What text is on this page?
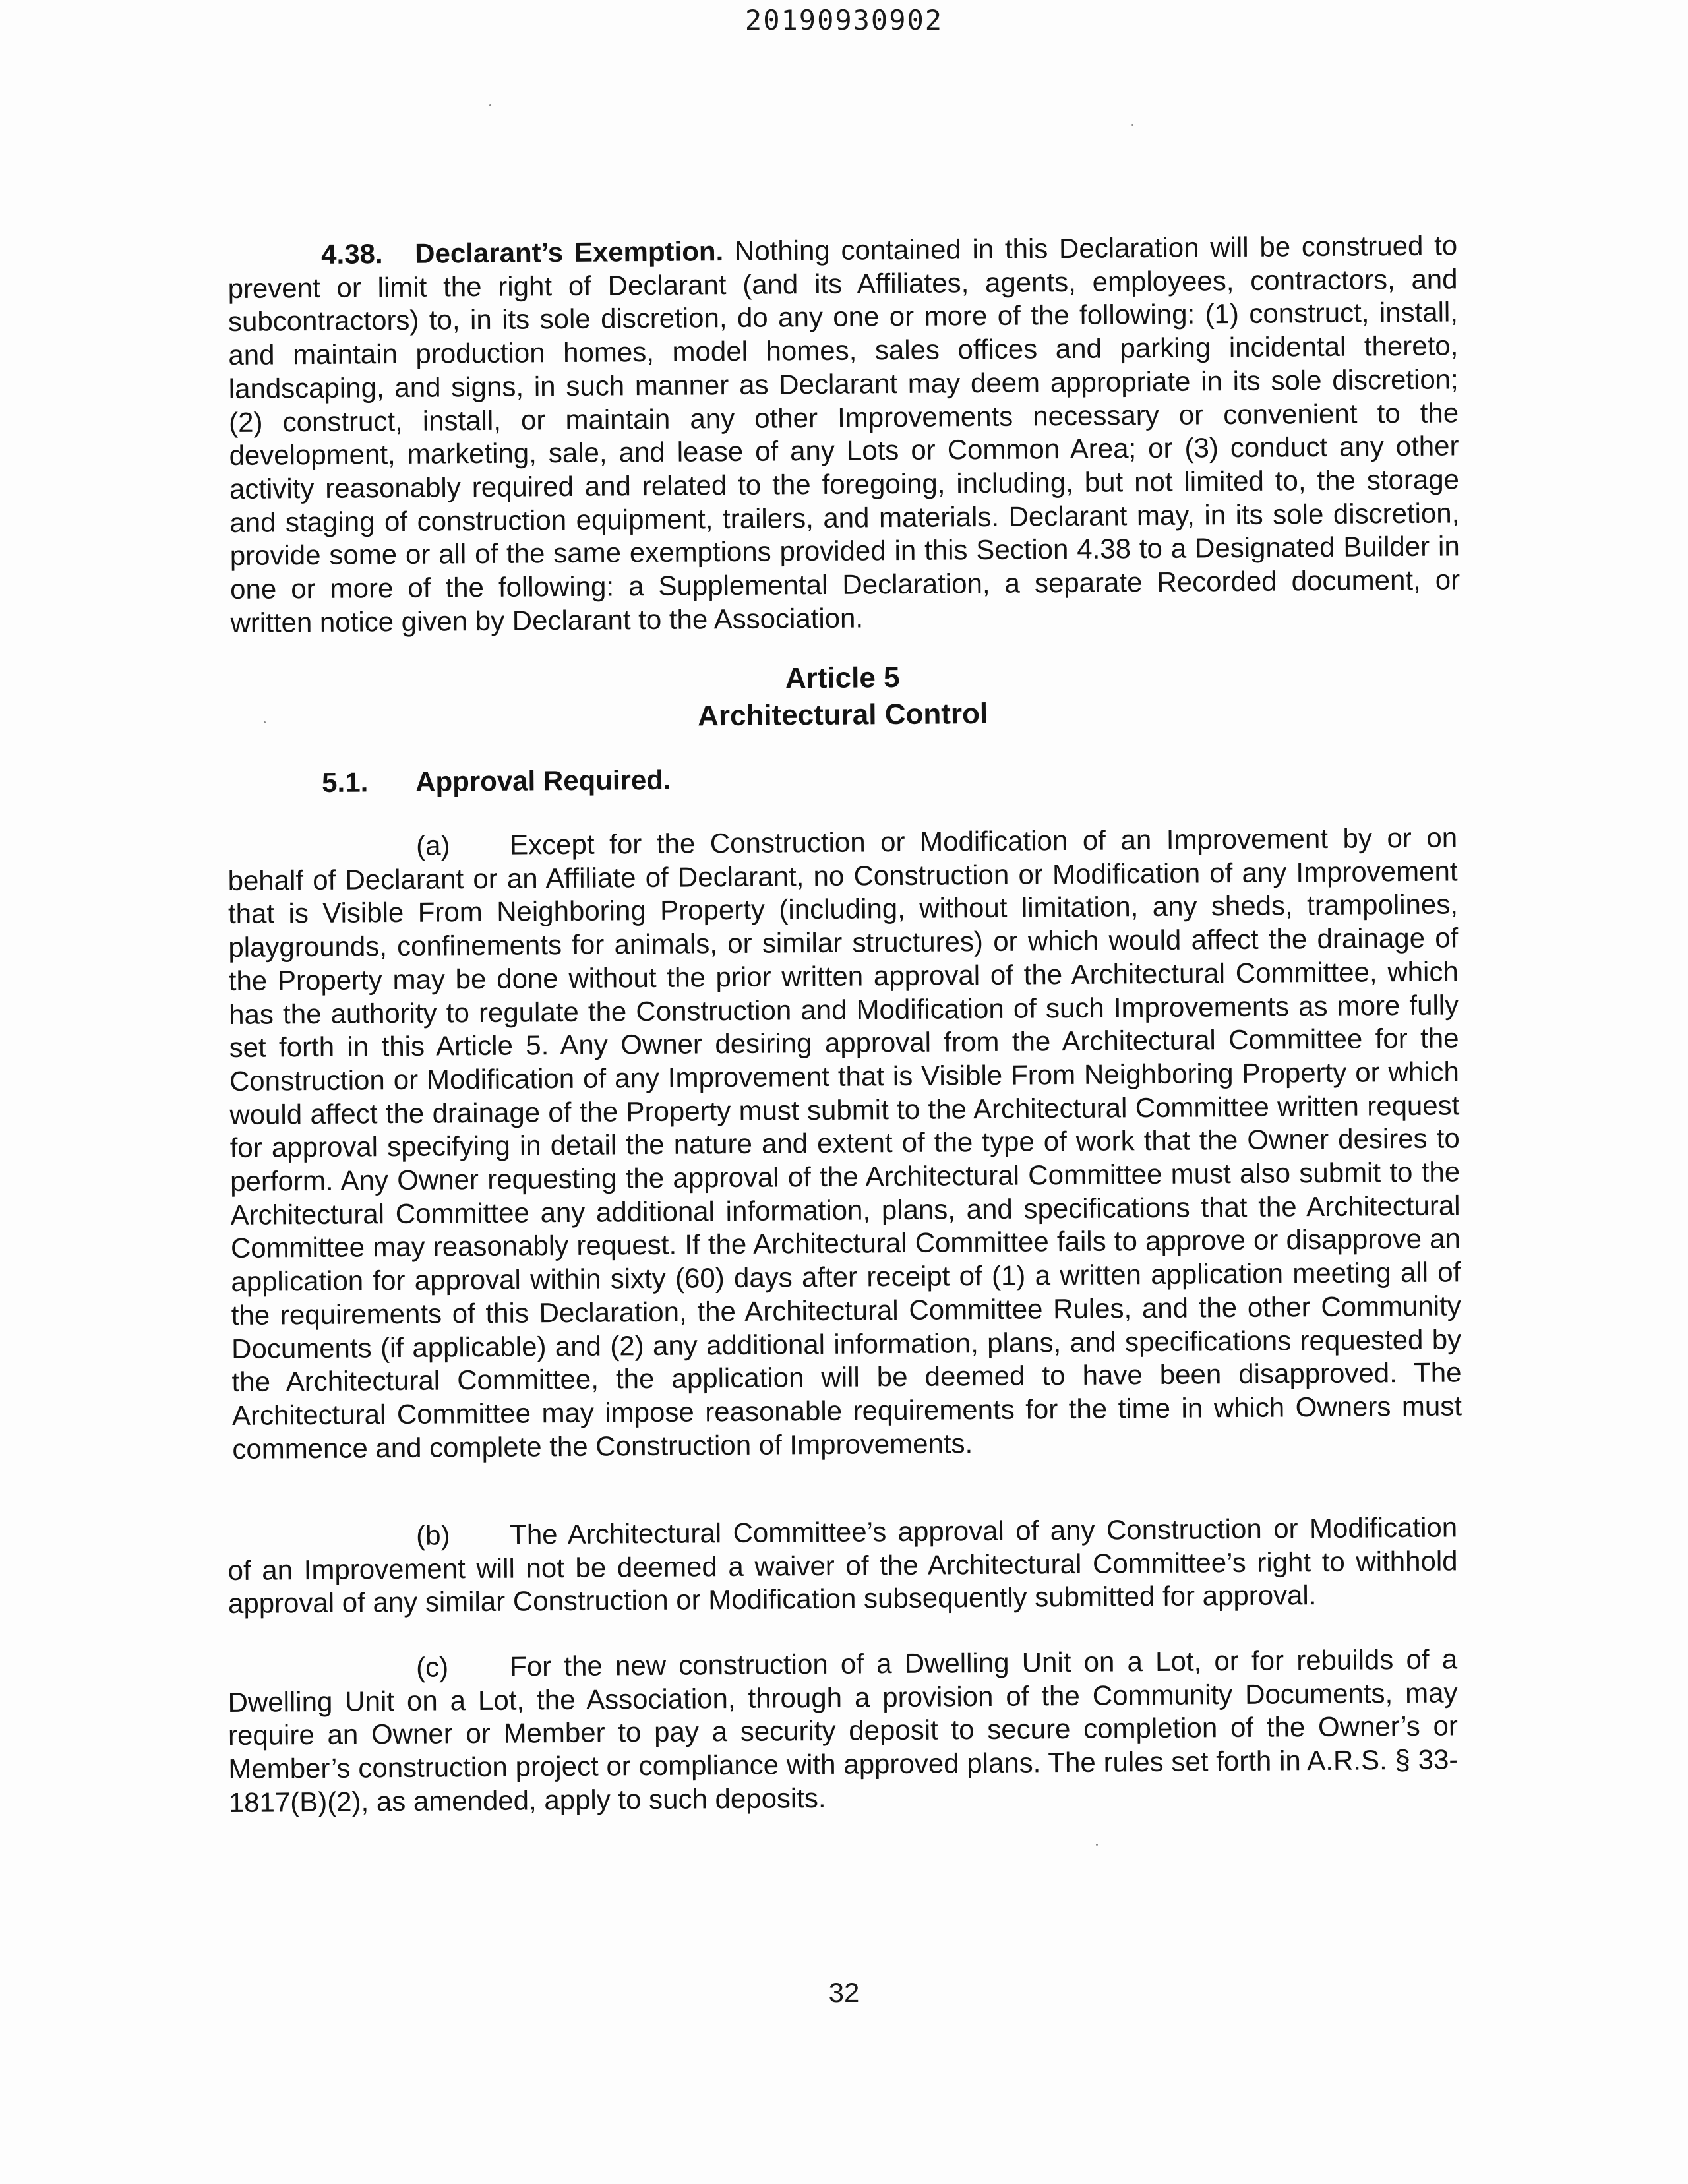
20190930902

4.38. Declarant’s Exemption. Nothing contained in this Declaration will be construed to prevent or limit the right of Declarant (and its Affiliates, agents, employees, contractors, and subcontractors) to, in its sole discretion, do any one or more of the following: (1) construct, install, and maintain production homes, model homes, sales offices and parking incidental thereto, landscaping, and signs, in such manner as Declarant may deem appropriate in its sole discretion; (2) construct, install, or maintain any other Improvements necessary or convenient to the development, marketing, sale, and lease of any Lots or Common Area; or (3) conduct any other activity reasonably required and related to the foregoing, including, but not limited to, the storage and staging of construction equipment, trailers, and materials. Declarant may, in its sole discretion, provide some or all of the same exemptions provided in this Section 4.38 to a Designated Builder in one or more of the following: a Supplemental Declaration, a separate Recorded document, or written notice given by Declarant to the Association.

Article 5
Architectural Control
5.1. Approval Required.

(a) Except for the Construction or Modification of an Improvement by or on behalf of Declarant or an Affiliate of Declarant, no Construction or Modification of any Improvement that is Visible From Neighboring Property (including, without limitation, any sheds, trampolines, playgrounds, confinements for animals, or similar structures) or which would affect the drainage of the Property may be done without the prior written approval of the Architectural Committee, which has the authority to regulate the Construction and Modification of such Improvements as more fully set forth in this Article 5. Any Owner desiring approval from the Architectural Committee for the Construction or Modification of any Improvement that is Visible From Neighboring Property or which would affect the drainage of the Property must submit to the Architectural Committee written request for approval specifying in detail the nature and extent of the type of work that the Owner desires to perform. Any Owner requesting the approval of the Architectural Committee must also submit to the Architectural Committee any additional information, plans, and specifications that the Architectural Committee may reasonably request. If the Architectural Committee fails to approve or disapprove an application for approval within sixty (60) days after receipt of (1) a written application meeting all of the requirements of this Declaration, the Architectural Committee Rules, and the other Community Documents (if applicable) and (2) any additional information, plans, and specifications requested by the Architectural Committee, the application will be deemed to have been disapproved. The Architectural Committee may impose reasonable requirements for the time in which Owners must commence and complete the Construction of Improvements.

(b) The Architectural Committee’s approval of any Construction or Modification of an Improvement will not be deemed a waiver of the Architectural Committee’s right to withhold approval of any similar Construction or Modification subsequently submitted for approval.

(c) For the new construction of a Dwelling Unit on a Lot, or for rebuilds of a Dwelling Unit on a Lot, the Association, through a provision of the Community Documents, may require an Owner or Member to pay a security deposit to secure completion of the Owner’s or Member’s construction project or compliance with approved plans. The rules set forth in A.R.S. § 33-1817(B)(2), as amended, apply to such deposits.

32
